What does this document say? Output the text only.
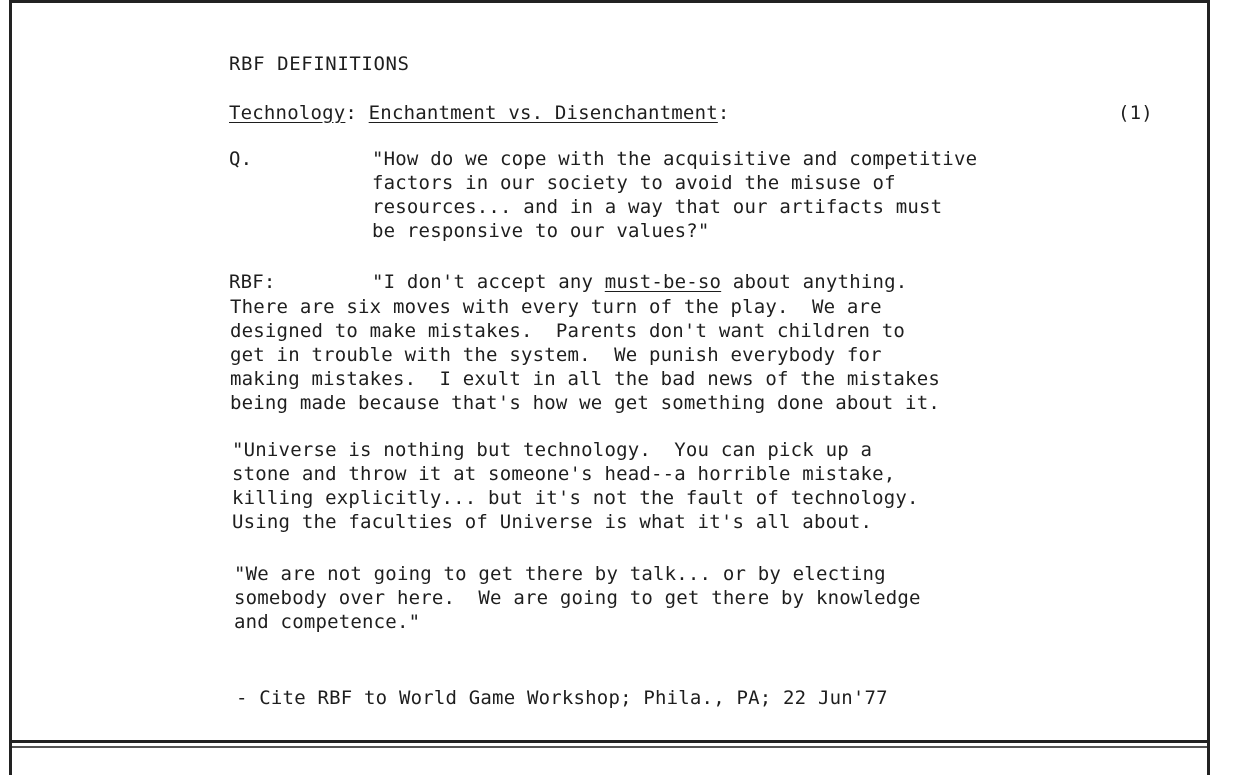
RBF DEFINITIONS
Technology: Enchantment vs. Disenchantment:	(1)
Q.	"How do we cope with the acquisitive and competitive
factors in our society to avoid the misuse of
resources... and in a way that our artifacts must
be responsive to our values?"
RBF:	"I don't accept any must-be-so about anything.
There are six moves with every turn of the play.  We are
designed to make mistakes.  Parents don't want children to
get in trouble with the system.  We punish everybody for
making mistakes.  I exult in all the bad news of the mistakes
being made because that's how we get something done about it.
"Universe is nothing but technology.  You can pick up a
stone and throw it at someone's head--a horrible mistake,
killing explicitly... but it's not the fault of technology.
Using the faculties of Universe is what it's all about.
"We are not going to get there by talk... or by electing
somebody over here.  We are going to get there by knowledge
and competence."
- Cite RBF to World Game Workshop; Phila., PA; 22 Jun'77
